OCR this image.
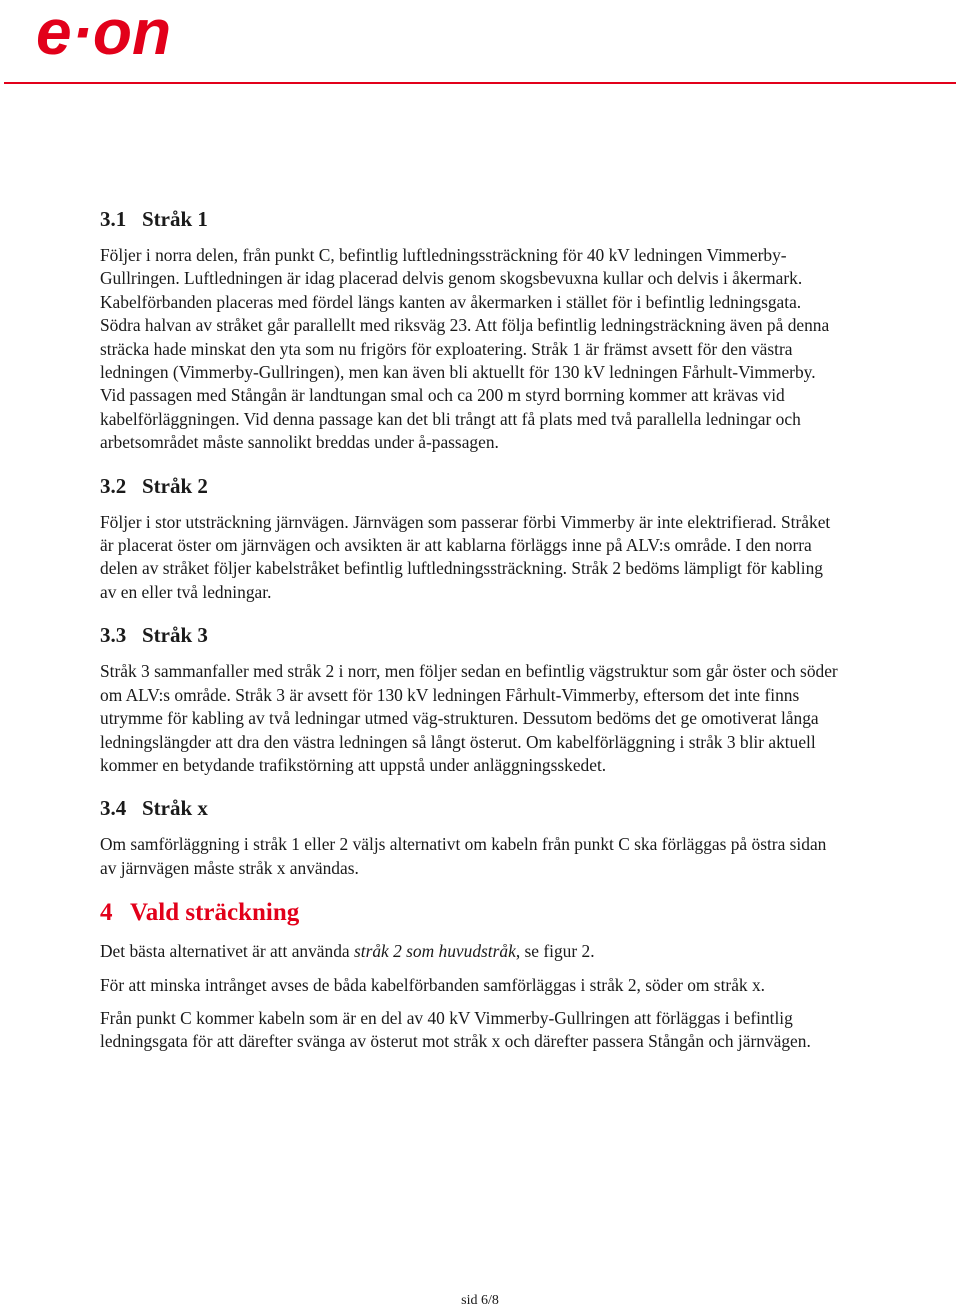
e·on
3.1 Stråk 1

Följer i norra delen, från punkt C, befintlig luftledningssträckning för 40 kV ledningen Vimmerby- Gullringen. Luftledningen är idag placerad delvis genom skogsbevuxna kullar och delvis i åkermark. Kabelförbanden placeras med fördel längs kanten av åkermarken i stället för i befintlig ledningsgata. Södra halvan av stråket går parallellt med riksväg 23. Att följa befintlig ledningsträckning även på denna sträcka hade minskat den yta som nu frigörs för exploatering. Stråk 1 är främst avsett för den västra ledningen (Vimmerby-Gullringen), men kan även bli aktuellt för 130 kV ledningen Fårhult-Vimmerby. Vid passagen med Stångån är landtungan smal och ca 200 m styrd borrning kommer att krävas vid kabelförläggningen. Vid denna passage kan det bli trångt att få plats med två parallella ledningar och arbetsområdet måste sannolikt breddas under å-passagen.

3.2 Stråk 2

Följer i stor utsträckning järnvägen. Järnvägen som passerar förbi Vimmerby är inte elektrifierad. Stråket är placerat öster om järnvägen och avsikten är att kablarna förläggs inne på ALV:s område. I den norra delen av stråket följer kabelstråket befintlig luftledningssträckning. Stråk 2 bedöms lämpligt för kabling av en eller två ledningar.

3.3 Stråk 3

Stråk 3 sammanfaller med stråk 2 i norr, men följer sedan en befintlig vägstruktur som går öster och söder om ALV:s område. Stråk 3 är avsett för 130 kV ledningen Fårhult-Vimmerby, eftersom det inte finns utrymme för kabling av två ledningar utmed väg-strukturen. Dessutom bedöms det ge omotiverat långa ledningslängder att dra den västra ledningen så långt österut. Om kabelförläggning i stråk 3 blir aktuell kommer en betydande trafikstörning att uppstå under anläggningsskedet.

3.4 Stråk x

Om samförläggning i stråk 1 eller 2 väljs alternativt om kabeln från punkt C ska förläggas på östra sidan av järnvägen måste stråk x användas.

4 Vald sträckning

Det bästa alternativet är att använda stråk 2 som huvudstråk, se figur 2.

För att minska intrånget avses de båda kabelförbanden samförläggas i stråk 2, söder om stråk x.

Från punkt C kommer kabeln som är en del av 40 kV Vimmerby-Gullringen att förläggas i befintlig ledningsgata för att därefter svänga av österut mot stråk x och därefter passera Stångån och järnvägen.

sid 6/8
